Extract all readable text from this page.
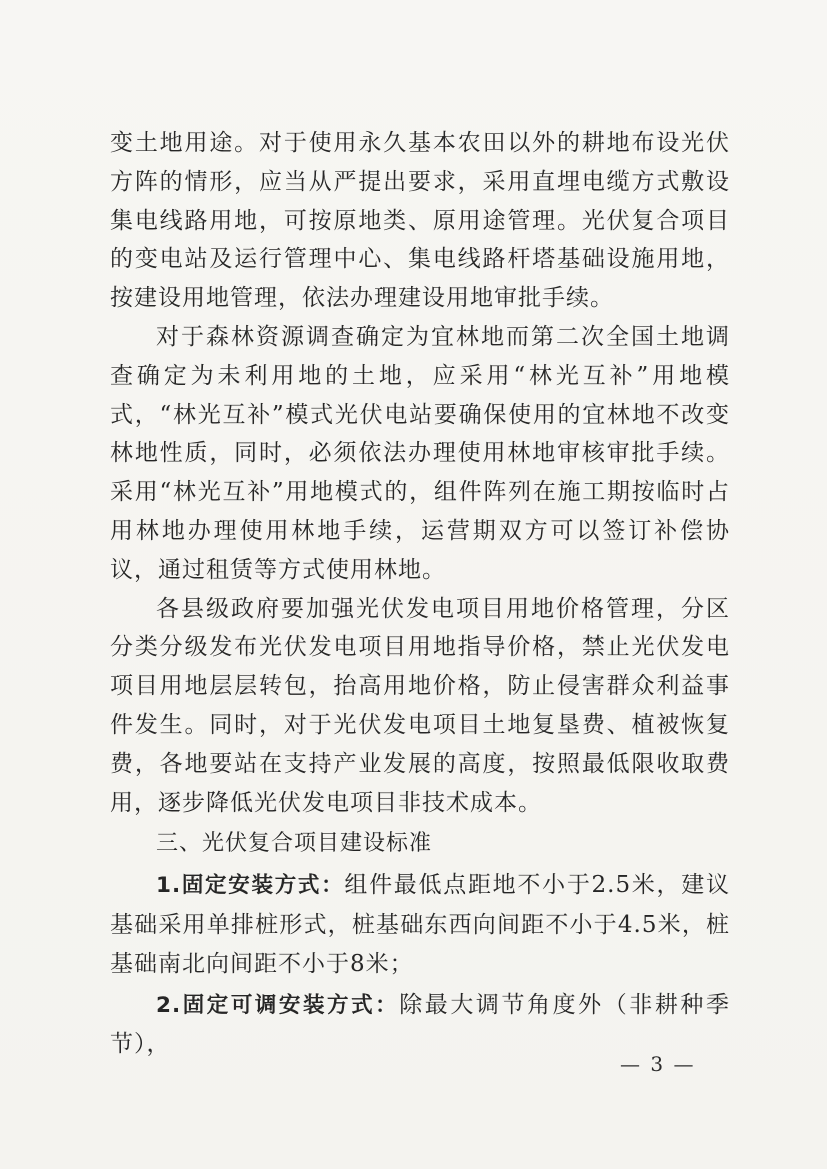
变土地用途。对于使用永久基本农田以外的耕地布设光伏方阵的情形，应当从严提出要求，采用直埋电缆方式敷设集电线路用地，可按原地类、原用途管理。光伏复合项目的变电站及运行管理中心、集电线路杆塔基础设施用地，按建设用地管理，依法办理建设用地审批手续。

对于森林资源调查确定为宜林地而第二次全国土地调查确定为未利用地的土地，应采用“林光互补”用地模式，“林光互补”模式光伏电站要确保使用的宜林地不改变林地性质，同时，必须依法办理使用林地审核审批手续。采用“林光互补”用地模式的，组件阵列在施工期按临时占用林地办理使用林地手续，运营期双方可以签订补偿协议，通过租赁等方式使用林地。

各县级政府要加强光伏发电项目用地价格管理，分区分类分级发布光伏发电项目用地指导价格，禁止光伏发电项目用地层层转包，抬高用地价格，防止侵害群众利益事件发生。同时，对于光伏发电项目土地复垦费、植被恢复费，各地要站在支持产业发展的高度，按照最低限收取费用，逐步降低光伏发电项目非技术成本。

三、光伏复合项目建设标准

1.固定安装方式：组件最低点距地不小于2.5米，建议基础采用单排桩形式，桩基础东西向间距不小于4.5米，桩基础南北向间距不小于8米；

2.固定可调安装方式：除最大调节角度外（非耕种季节），

— 3 —
